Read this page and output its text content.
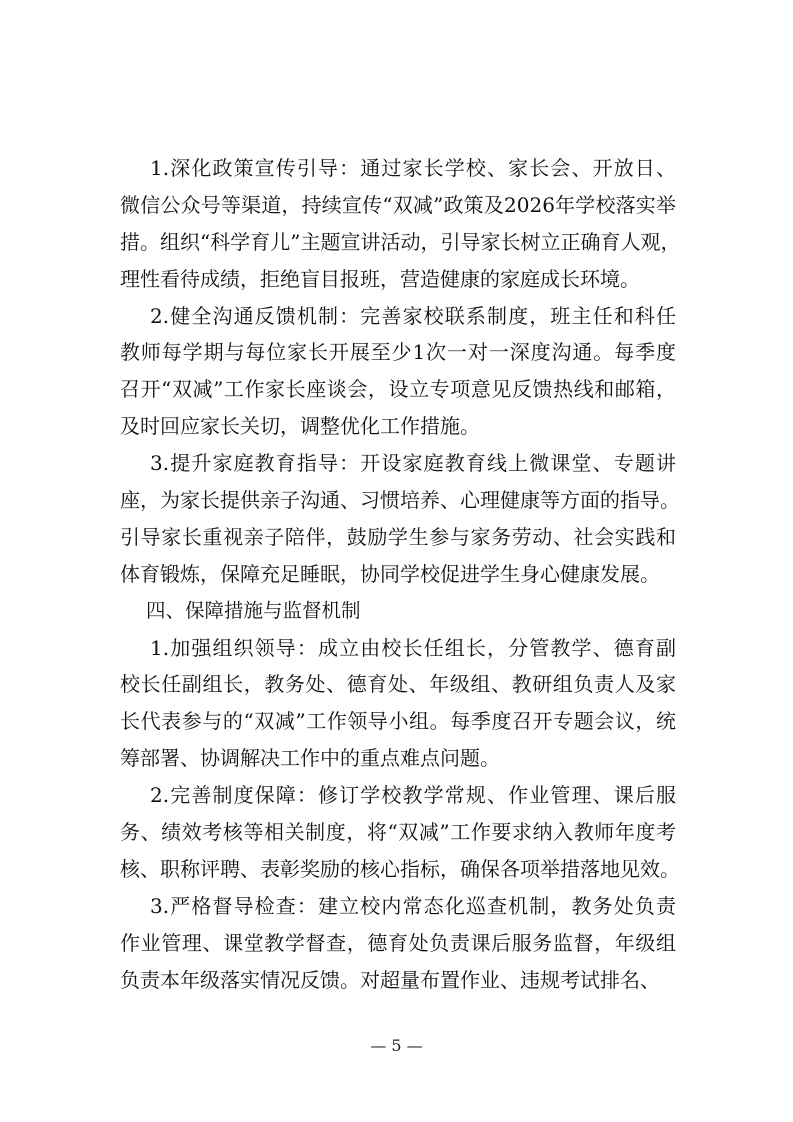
1.深化政策宣传引导：通过家长学校、家长会、开放日、
微信公众号等渠道，持续宣传“双减”政策及2026年学校落实举
措。组织“科学育儿”主题宣讲活动，引导家长树立正确育人观，
理性看待成绩，拒绝盲目报班，营造健康的家庭成长环境。
2.健全沟通反馈机制：完善家校联系制度，班主任和科任
教师每学期与每位家长开展至少1次一对一深度沟通。每季度
召开“双减”工作家长座谈会，设立专项意见反馈热线和邮箱，
及时回应家长关切，调整优化工作措施。
3.提升家庭教育指导：开设家庭教育线上微课堂、专题讲
座，为家长提供亲子沟通、习惯培养、心理健康等方面的指导。
引导家长重视亲子陪伴，鼓励学生参与家务劳动、社会实践和
体育锻炼，保障充足睡眠，协同学校促进学生身心健康发展。
四、保障措施与监督机制
1.加强组织领导：成立由校长任组长，分管教学、德育副
校长任副组长，教务处、德育处、年级组、教研组负责人及家
长代表参与的“双减”工作领导小组。每季度召开专题会议，统
筹部署、协调解决工作中的重点难点问题。
2.完善制度保障：修订学校教学常规、作业管理、课后服
务、绩效考核等相关制度，将“双减”工作要求纳入教师年度考
核、职称评聘、表彰奖励的核心指标，确保各项举措落地见效。
3.严格督导检查：建立校内常态化巡查机制，教务处负责
作业管理、课堂教学督查，德育处负责课后服务监督，年级组
负责本年级落实情况反馈。对超量布置作业、违规考试排名、
— 5 —
